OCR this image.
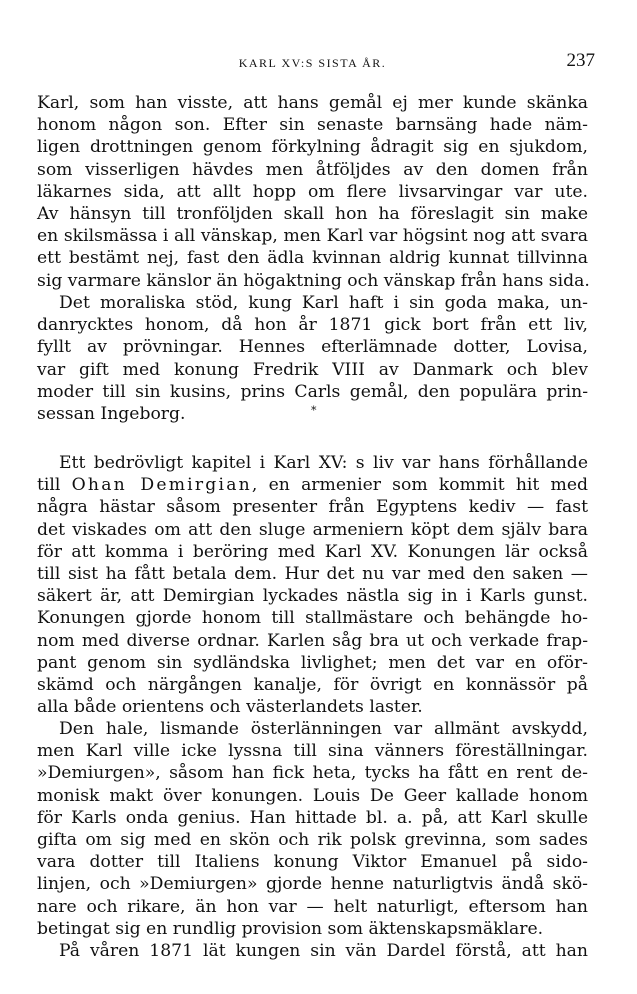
KARL XV:S SISTA ÅR.	237
Karl, som han visste, att hans gemål ej mer kunde skänka
honom någon son. Efter sin senaste barnsäng hade näm-
ligen drottningen genom förkylning ådragit sig en sjukdom,
som visserligen hävdes men åtföljdes av den domen från
läkarnes sida, att allt hopp om flere livsarvingar var ute.
Av hänsyn till tronföljden skall hon ha föreslagit sin make
en skilsmässa i all vänskap, men Karl var högsint nog att svara
ett bestämt nej, fast den ädla kvinnan aldrig kunnat tillvinna
sig varmare känslor än högaktning och vänskap från hans sida.
Det moraliska stöd, kung Karl haft i sin goda maka, un-
danrycktes honom, då hon år 1871 gick bort från ett liv,
fyllt av prövningar. Hennes efterlämnade dotter, Lovisa,
var gift med konung Fredrik VIII av Danmark och blev
moder till sin kusins, prins Carls gemål, den populära prin-
sessan Ingeborg.	*
Ett bedrövligt kapitel i Karl XV: s liv var hans förhållande
till Ohan Demirgian, en armenier som kommit hit med
några hästar såsom presenter från Egyptens kediv — fast
det viskades om att den sluge armeniern köpt dem själv bara
för att komma i beröring med Karl XV. Konungen lär också
till sist ha fått betala dem. Hur det nu var med den saken —
säkert är, att Demirgian lyckades nästla sig in i Karls gunst.
Konungen gjorde honom till stallmästare och behängde ho-
nom med diverse ordnar. Karlen såg bra ut och verkade frap-
pant genom sin sydländska livlighet; men det var en oför-
skämd och närgången kanalje, för övrigt en konnässör på
alla både orientens och västerlandets laster.
Den hale, lismande österlänningen var allmänt avskydd,
men Karl ville icke lyssna till sina vänners föreställningar.
»Demiurgen», såsom han fick heta, tycks ha fått en rent de-
monisk makt över konungen. Louis De Geer kallade honom
för Karls onda genius. Han hittade bl. a. på, att Karl skulle
gifta om sig med en skön och rik polsk grevinna, som sades
vara dotter till Italiens konung Viktor Emanuel på sido-
linjen, och »Demiurgen» gjorde henne naturligtvis ändå skö-
nare och rikare, än hon var — helt naturligt, eftersom han
betingat sig en rundlig provision som äktenskapsmäklare.
På våren 1871 lät kungen sin vän Dardel förstå, att han
